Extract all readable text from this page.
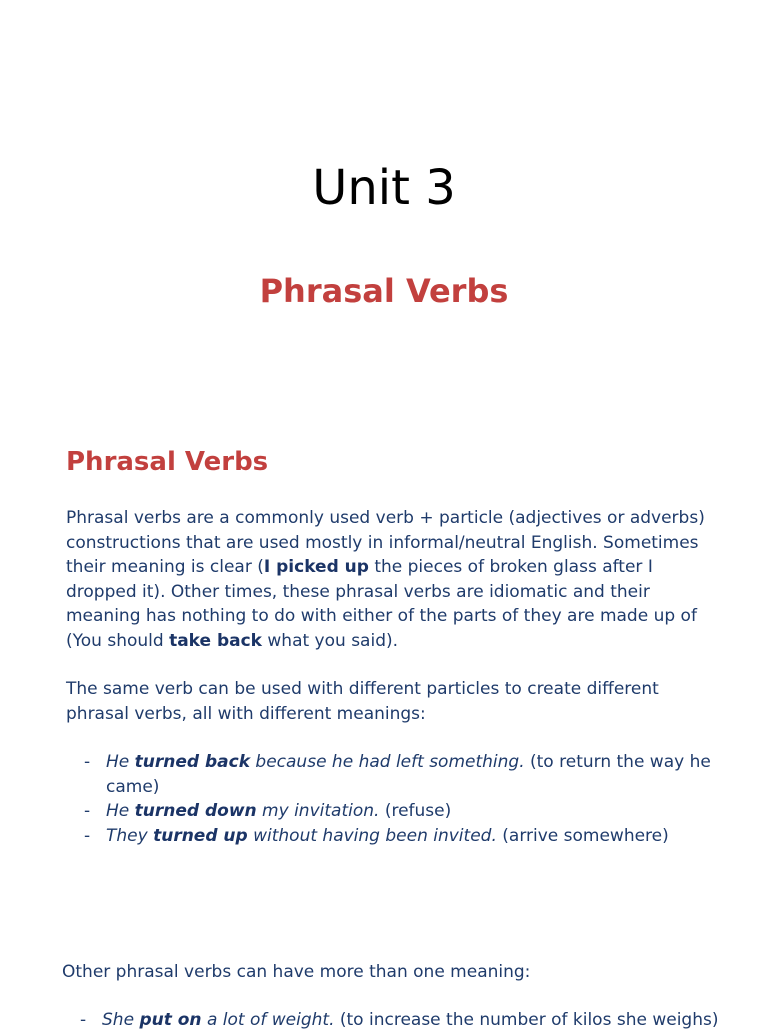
Unit 3
Phrasal Verbs
Phrasal Verbs

Phrasal verbs are a commonly used verb + particle (adjectives or adverbs) constructions that are used mostly in informal/neutral English. Sometimes their meaning is clear (I picked up the pieces of broken glass after I dropped it). Other times, these phrasal verbs are idiomatic and their meaning has nothing to do with either of the parts of they are made up of (You should take back what you said).

The same verb can be used with different particles to create different phrasal verbs, all with different meanings:

- He turned back because he had left something. (to return the way he came)
- He turned down my invitation. (refuse)
- They turned up without having been invited. (arrive somewhere)

Other phrasal verbs can have more than one meaning:

- She put on a lot of weight. (to increase the number of kilos she weighs)
